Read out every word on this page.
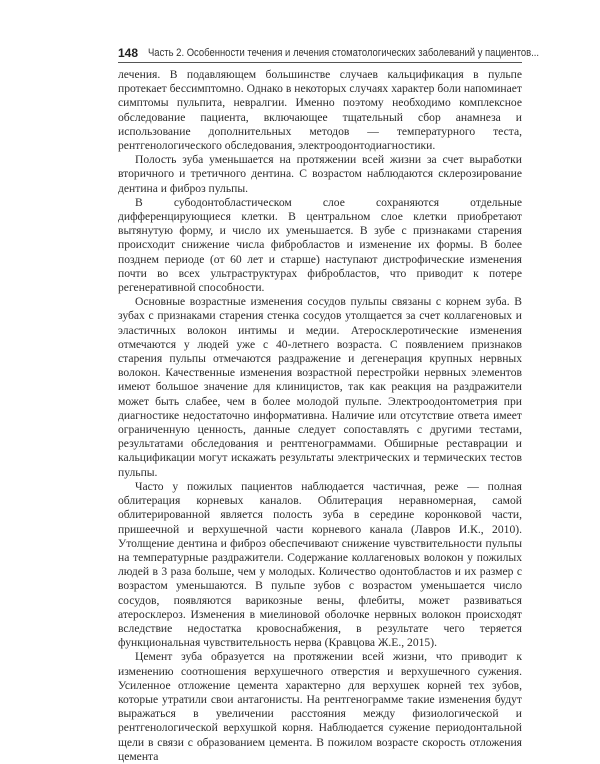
148 Часть 2. Особенности течения и лечения стоматологических заболеваний у пациентов...

лечения. В подавляющем большинстве случаев кальцификация в пульпе протекает бессимптомно. Однако в некоторых случаях характер боли напоминает симптомы пульпита, невралгии. Именно поэтому необходимо комплексное обследование пациента, включающее тщательный сбор анамнеза и использование дополнительных методов — температурного теста, рентгенологического обследования, электроодонтодиагностики.

Полость зуба уменьшается на протяжении всей жизни за счет выработки вторичного и третичного дентина. С возрастом наблюдаются склерозирование дентина и фиброз пульпы.

В субодонтобластическом слое сохраняются отдельные дифференцирующиеся клетки. В центральном слое клетки приобретают вытянутую форму, и число их уменьшается. В зубе с признаками старения происходит снижение числа фибробластов и изменение их формы. В более позднем периоде (от 60 лет и старше) наступают дистрофические изменения почти во всех ультраструктурах фибробластов, что приводит к потере регенеративной способности.

Основные возрастные изменения сосудов пульпы связаны с корнем зуба. В зубах с признаками старения стенка сосудов утолщается за счет коллагеновых и эластичных волокон интимы и медии. Атеросклеротические изменения отмечаются у людей уже с 40-летнего возраста. С появлением признаков старения пульпы отмечаются раздражение и дегенерация крупных нервных волокон. Качественные изменения возрастной перестройки нервных элементов имеют большое значение для клиницистов, так как реакция на раздражители может быть слабее, чем в более молодой пульпе. Электроодонтометрия при диагностике недостаточно информативна. Наличие или отсутствие ответа имеет ограниченную ценность, данные следует сопоставлять с другими тестами, результатами обследования и рентгенограммами. Обширные реставрации и кальцификации могут искажать результаты электрических и термических тестов пульпы.

Часто у пожилых пациентов наблюдается частичная, реже — полная облитерация корневых каналов. Облитерация неравномерная, самой облитерированной является полость зуба в середине коронковой части, пришеечной и верхушечной части корневого канала (Лавров И.К., 2010). Утолщение дентина и фиброз обеспечивают снижение чувствительности пульпы на температурные раздражители. Содержание коллагеновых волокон у пожилых людей в 3 раза больше, чем у молодых. Количество одонтобластов и их размер с возрастом уменьшаются. В пульпе зубов с возрастом уменьшается число сосудов, появляются варикозные вены, флебиты, может развиваться атеросклероз. Изменения в миелиновой оболочке нервных волокон происходят вследствие недостатка кровоснабжения, в результате чего теряется функциональная чувствительность нерва (Кравцова Ж.Е., 2015).

Цемент зуба образуется на протяжении всей жизни, что приводит к изменению соотношения верхушечного отверстия и верхушечного сужения. Усиленное отложение цемента характерно для верхушек корней тех зубов, которые утратили свои антагонисты. На рентгенограмме такие изменения будут выражаться в увеличении расстояния между физиологической и рентгенологической верхушкой корня. Наблюдается сужение периодонтальной щели в связи с образованием цемента. В пожилом возрасте скорость отложения цемента
